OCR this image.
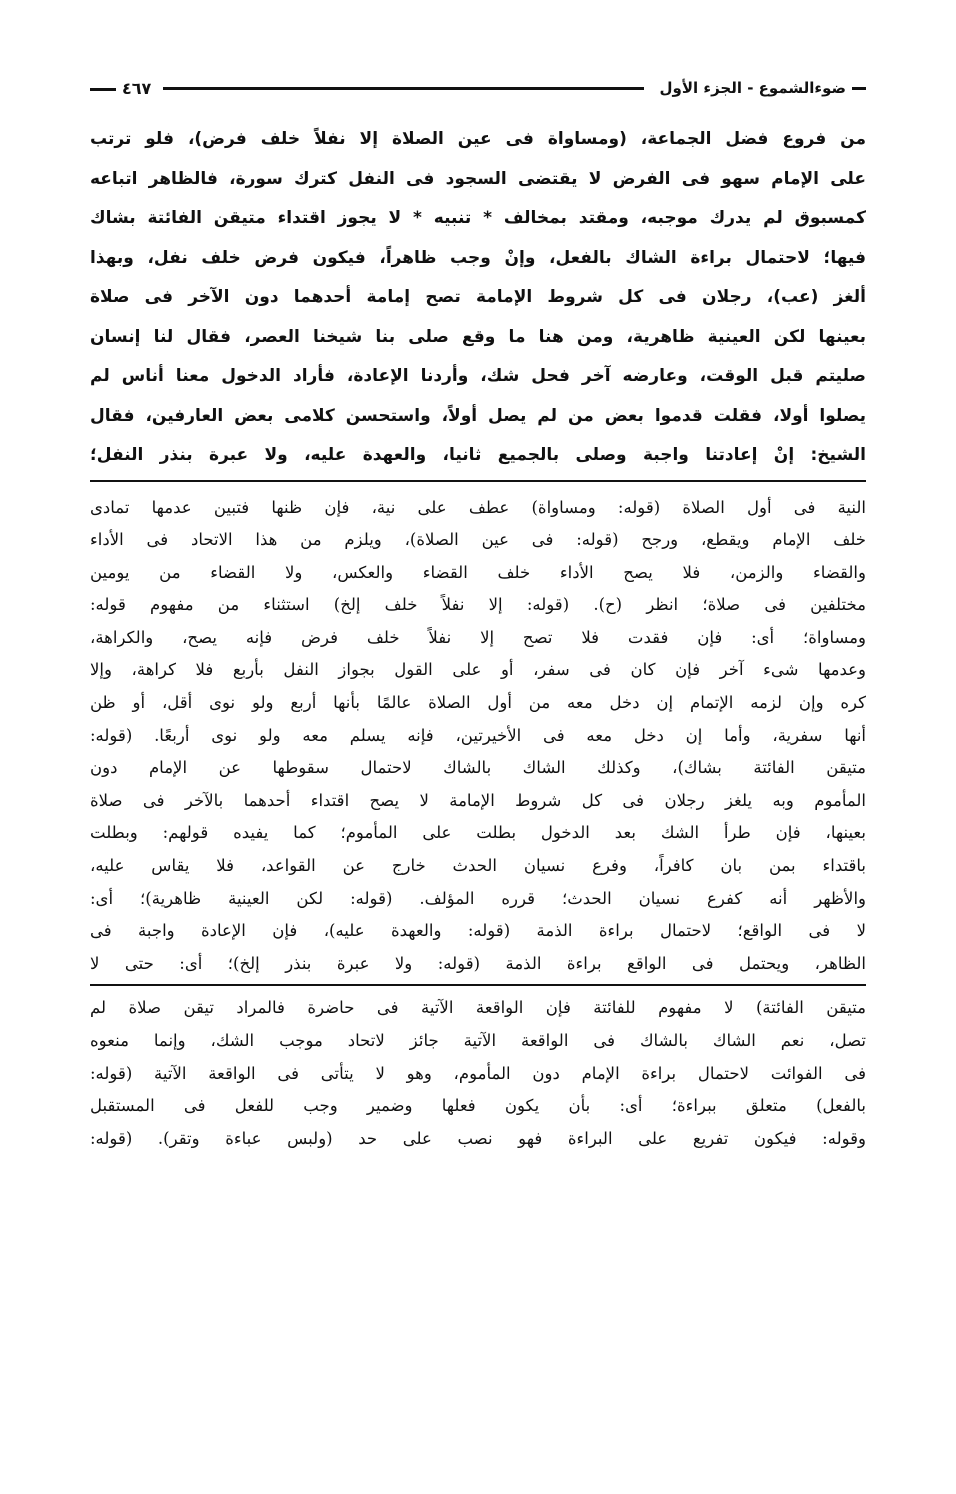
ضوءالشموع - الجزء الأول
٤٦٧
من فروع فضل الجماعة، (ومساواة فى عين الصلاة إلا نفلاً خلف فرض)، فلو ترتب
على الإمام سهو فى الفرض لا يقتضى السجود فى النفل كترك سورة، فالظاهر اتباعه
كمسبوق لم يدرك موجبه، ومقتد بمخالف * تنبيه * لا يجوز اقتداء متيقن الفائتة بشاك
فيها؛ لاحتمال براءة الشاك بالفعل، وإنْ وجب ظاهراً، فيكون فرض خلف نفل، وبهذا
ألغز (عب)، رجلان فى كل شروط الإمامة تصح إمامة أحدهما دون الآخر فى صلاة
بعينها لكن العينية ظاهرية، ومن هنا ما وقع صلى بنا شيخنا العصر، فقال لنا إنسان
صليتم قبل الوقت، وعارضه آخر فحل شك، وأردنا الإعادة، فأراد الدخول معنا أناس لم
يصلوا أولا، فقلت قدموا بعض من لم يصل أولاً، واستحسن كلامى بعض العارفين، فقال
الشيخ: إنْ إعادتنا واجبة وصلى بالجميع ثانيا، والعهدة عليه، ولا عبرة بنذر النفل؛
النية فى أول الصلاة (قوله: ومساواة) عطف على نية، فإن ظنها فتبين عدمها تمادى
خلف الإمام ويقطع، ورجح (قوله: فى عين الصلاة)، ويلزم من هذا الاتحاد فى الأداء
والقضاء والزمن، فلا يصح الأداء خلف القضاء والعكس، ولا القضاء من يومين
مختلفين فى صلاة؛ انظر (ح). (قوله: إلا نفلاً خلف إلخ) استثناء من مفهوم قوله:
ومساواة؛ أى: فإن فقدت فلا تصح إلا نفلاً خلف فرض فإنه يصح، والكراهة،
وعدمها شىء آخر فإن كان فى سفر، أو على القول بجواز النفل بأربع فلا كراهة، وإلا
كره وإن لزمه الإتمام إن دخل معه من أول الصلاة عالمًا بأنها أربع ولو نوى أقل، أو ظن
أنها سفرية، وأما إن دخل معه فى الأخيرتين، فإنه يسلم معه ولو نوى أربعًا. (قوله:
متيقن الفائتة بشاك)، وكذلك الشاك بالشاك لاحتمال سقوطها عن الإمام دون
المأموم وبه يلغز رجلان فى كل شروط الإمامة لا يصح اقتداء أحدهما بالآخر فى صلاة
بعينها، فإن طرأ الشك بعد الدخول بطلت على المأموم؛ كما يفيده قولهم: وبطلت
باقتداء بمن بان كافراً، وفرع نسيان الحدث خارج عن القواعد، فلا يقاس عليه،
والأظهر أنه كفرع نسيان الحدث؛ قرره المؤلف. (قوله: لكن العينية ظاهرية)؛ أى:
لا فى الواقع؛ لاحتمال براءة الذمة (قوله: والعهدة عليه)، فإن الإعادة واجبة فى
الظاهر، ويحتمل فى الواقع براءة الذمة (قوله: ولا عبرة بنذر إلخ)؛ أى: حتى لا
متيقن الفائتة) لا مفهوم للفائتة فإن الواقعة الآتية فى حاضرة فالمراد تيقن صلاة لم
تصل، نعم الشاك بالشاك فى الواقعة الآتية جائز لاتحاد موجب الشك، وإنما منعوه
فى الفوائت لاحتمال براءة الإمام دون المأموم، وهو لا يتأتى فى الواقعة الآتية (قوله:
بالفعل) متعلق ببراءة؛ أى: بأن يكون فعلها وضمير وجب للفعل فى المستقبل
وقوله: فيكون تفريع على البراءة فهو نصب على حد (ولبس عباءة وتقر). (قوله:
